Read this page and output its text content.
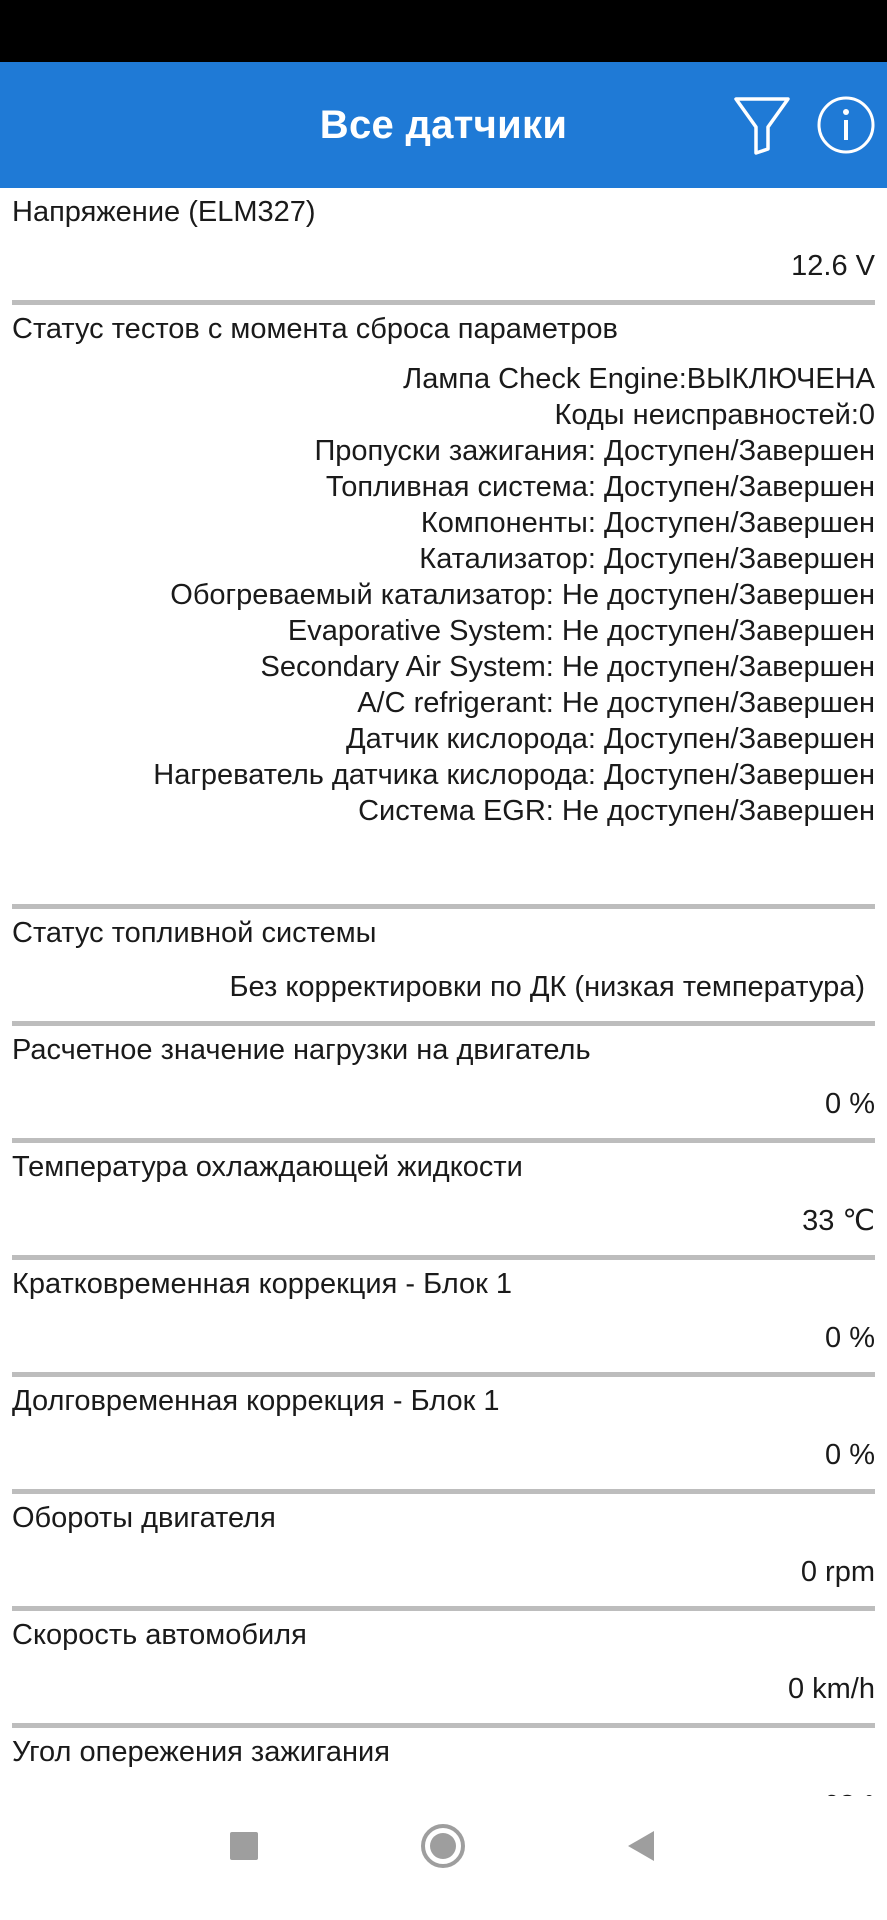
Все датчики
Напряжение (ELM327)
12.6 V
Статус тестов с момента сброса параметров
Лампа Check Engine:ВЫКЛЮЧЕНА
Коды неисправностей:0
Пропуски зажигания: Доступен/Завершен
Топливная система: Доступен/Завершен
Компоненты: Доступен/Завершен
Катализатор: Доступен/Завершен
Обогреваемый катализатор: Не доступен/Завершен
Evaporative System: Не доступен/Завершен
Secondary Air System: Не доступен/Завершен
A/C refrigerant: Не доступен/Завершен
Датчик кислорода: Доступен/Завершен
Нагреватель датчика кислорода: Доступен/Завершен
Система EGR: Не доступен/Завершен
Статус топливной системы
Без корректировки по ДК (низкая температура)
Расчетное значение нагрузки на двигатель
0 %
Температура охлаждающей жидкости
33 ℃
Кратковременная коррекция - Блок 1
0 %
Долговременная коррекция - Блок 1
0 %
Обороты двигателя
0 rpm
Скорость автомобиля
0 km/h
Угол опережения зажигания
